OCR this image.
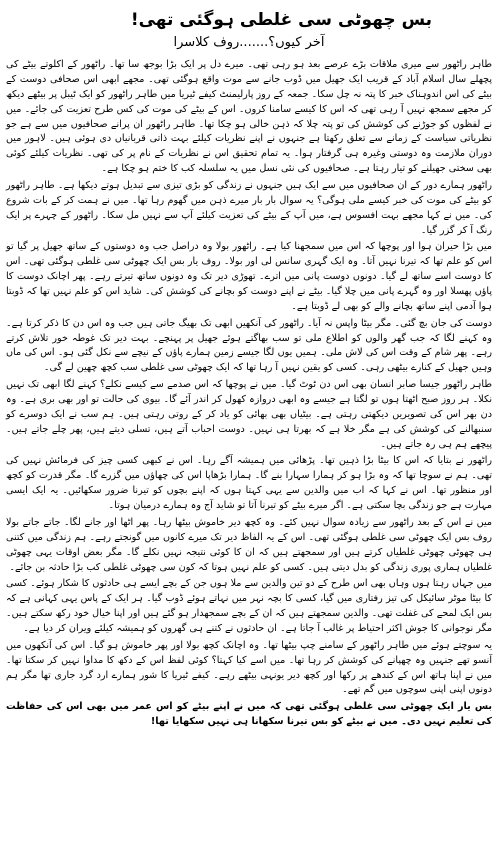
بس چھوٹی سی غلطی ہوگئی تھی!
آخر کیوں؟.......روف کلاسرا

طاہر راٹھور سے میری ملاقات بڑے عرصے بعد ہو رہی تھی۔ میرے دل پر ایک بڑا بوجھ سا تھا۔ راٹھور کے اکلوتے بیٹے کی پچھلے سال اسلام آباد کے قریب ایک جھیل میں ڈوب جانے سے موت واقع ہوگئی تھی۔ مجھے ابھی اس صحافی دوست کے بیٹے کی اس اندوہناک خبر کا پتہ نہ چل سکا۔ جمعہ کے روز پارلیمنٹ کیفے ٹیریا میں طاہر راٹھور کو ایک ٹیبل پر بیٹھے دیکھ کر مجھے سمجھ نہیں آ رہی تھی کہ اس کا کیسے سامنا کروں۔ اس کے بیٹے کی موت کی کس طرح تعزیت کی جائے۔ میں نے لفظوں کو جوڑنے کی کوشش کی تو پتہ چلا کہ ذہن خالی ہو چکا تھا۔ طاہر راٹھور ان پرانے صحافیوں میں سے ہے جو نظریاتی سیاست کے زمانے سے تعلق رکھتا ہے جنہوں نے اپنے نظریات کیلئے بہت ذاتی قربانیاں دی ہوئی ہیں۔ لاہور میں دوران ملازمت وہ دوستی وغیرہ ہی گرفتار ہوا۔ یہ تمام تحقیق اس نے نظریات کے نام پر کی تھی۔ نظریات کیلئے کوئی بھی سختی جھیلنے کو تیار رہتا ہے۔ صحافیوں کی نئی نسل میں یہ سلسلہ کب کا ختم ہو چکا ہے۔

راٹھور ہمارے دور کے ان صحافیوں میں سے ایک ہیں جنہوں نے زندگی کو بڑی تیزی سے تبدیل ہوتے دیکھا ہے۔ طاہر راٹھور کو بیٹے کی موت کی خبر کیسے ملی ہوگی؟ یہ سوال بار بار میرے ذہن میں گھوم رہا تھا۔ میں نے ہمت کر کے بات شروع کی۔ میں نے کہا مجھے بہت افسوس ہے، میں آپ کے بیٹے کی تعزیت کیلئے آپ سے نہیں مل سکا۔ راٹھور کے چہرے پر ایک رنگ آ کر گزر گیا۔

میں بڑا حیران ہوا اور پوچھا کہ اس میں سمجھنا کیا ہے۔ راٹھور بولا وہ دراصل جب وہ دوستوں کے ساتھ جھیل پر گیا تو اس کو علم تھا کہ تیرنا نہیں آتا۔ وہ ایک گہری سانس لی اور بولا۔ روف یار بس ایک چھوٹی سی غلطی ہوگئی تھی۔ اس کا دوست اسے ساتھ لے گیا۔ دونوں دوست پانی میں اترے۔ تھوڑی دیر تک وہ دونوں ساتھ تیرتے رہے۔ پھر اچانک دوست کا پاؤں پھسلا اور وہ گہرے پانی میں چلا گیا۔ بیٹے نے اپنے دوست کو بچانے کی کوشش کی۔ شاید اس کو علم نہیں تھا کہ ڈوبتا ہوا آدمی اپنے ساتھ بچانے والے کو بھی لے ڈوبتا ہے۔

دوست کی جان بچ گئی۔ مگر بیٹا واپس نہ آیا۔ راٹھور کی آنکھیں ابھی تک بھیگ جاتی ہیں جب وہ اس دن کا ذکر کرتا ہے۔ وہ کہنے لگا کہ جب گھر والوں کو اطلاع ملی تو سب بھاگتے ہوئے جھیل پر پہنچے۔ بہت دیر تک غوطہ خور تلاش کرتے رہے۔ پھر شام کے وقت اس کی لاش ملی۔ ہمیں یوں لگا جیسے زمین ہمارے پاؤں کے نیچے سے نکل گئی ہو۔ اس کی ماں وہیں جھیل کے کنارے بیٹھی رہی۔ کسی کو یقین نہیں آ رہا تھا کہ ایک چھوٹی سی غلطی سب کچھ چھین لے گی۔

طاہر راٹھور جیسا صابر انسان بھی اس دن ٹوٹ گیا۔ میں نے پوچھا کہ اس صدمے سے کیسے نکلے؟ کہنے لگا ابھی تک نہیں نکلا۔ ہر روز صبح اٹھتا ہوں تو لگتا ہے جیسے وہ ابھی دروازہ کھول کر اندر آئے گا۔ بیوی کی حالت تو اور بھی بری ہے۔ وہ دن بھر اس کی تصویریں دیکھتی رہتی ہے۔ بیٹیاں بھی بھائی کو یاد کر کے روتی رہتی ہیں۔ ہم سب نے ایک دوسرے کو سنبھالنے کی کوشش کی ہے مگر خلا ہے کہ بھرتا ہی نہیں۔ دوست احباب آتے ہیں، تسلی دیتے ہیں، پھر چلے جاتے ہیں۔ پیچھے ہم ہی رہ جاتے ہیں۔

راٹھور نے بتایا کہ اس کا بیٹا بڑا ذہین تھا۔ پڑھائی میں ہمیشہ آگے رہا۔ اس نے کبھی کسی چیز کی فرمائش نہیں کی تھی۔ ہم نے سوچا تھا کہ وہ بڑا ہو کر ہمارا سہارا بنے گا۔ ہمارا بڑھاپا اس کی چھاؤں میں گزرے گا۔ مگر قدرت کو کچھ اور منظور تھا۔ اس نے کہا کہ اب میں والدین سے یہی کہتا ہوں کہ اپنے بچوں کو تیرنا ضرور سکھائیں۔ یہ ایک ایسی مہارت ہے جو زندگی بچا سکتی ہے۔ اگر میرے بیٹے کو تیرنا آتا تو شاید آج وہ ہمارے درمیان ہوتا۔

میں نے اس کے بعد راٹھور سے زیادہ سوال نہیں کئے۔ وہ کچھ دیر خاموش بیٹھا رہا۔ پھر اٹھا اور جانے لگا۔ جاتے جاتے بولا روف بس ایک چھوٹی سی غلطی ہوگئی تھی۔ اس کے یہ الفاظ دیر تک میرے کانوں میں گونجتے رہے۔ ہم زندگی میں کتنی ہی چھوٹی چھوٹی غلطیاں کرتے ہیں اور سمجھتے ہیں کہ ان کا کوئی نتیجہ نہیں نکلے گا۔ مگر بعض اوقات یہی چھوٹی غلطیاں ہماری پوری زندگی کو بدل دیتی ہیں۔ کسی کو علم نہیں ہوتا کہ کون سی چھوٹی غلطی کب بڑا حادثہ بن جائے۔

میں جہاں رہتا ہوں وہاں بھی اس طرح کے دو تین والدین سے ملا ہوں جن کے بچے ایسے ہی حادثوں کا شکار ہوئے۔ کسی کا بیٹا موٹر سائیکل کی تیز رفتاری میں گیا، کسی کا بچہ نہر میں نہاتے ہوئے ڈوب گیا۔ ہر ایک کے پاس یہی کہانی ہے کہ بس ایک لمحے کی غفلت تھی۔ والدین سمجھتے ہیں کہ ان کے بچے سمجھدار ہو گئے ہیں اور اپنا خیال خود رکھ سکتے ہیں۔ مگر نوجوانی کا جوش اکثر احتیاط پر غالب آ جاتا ہے۔ ان حادثوں نے کتنے ہی گھروں کو ہمیشہ کیلئے ویران کر دیا ہے۔

یہ سوچتے ہوئے میں طاہر راٹھور کے سامنے چپ بیٹھا تھا۔ وہ اچانک کچھ بولا اور پھر خاموش ہو گیا۔ اس کی آنکھوں میں آنسو تھے جنہیں وہ چھپانے کی کوشش کر رہا تھا۔ میں اسے کیا کہتا؟ کوئی لفظ اس کے دکھ کا مداوا نہیں کر سکتا تھا۔ میں نے اپنا ہاتھ اس کے کندھے پر رکھا اور کچھ دیر یونہی بیٹھے رہے۔ کیفے ٹیریا کا شور ہمارے ارد گرد جاری تھا مگر ہم دونوں اپنی اپنی سوچوں میں گم تھے۔

بس یار ایک چھوٹی سی غلطی ہوگئی تھی کہ میں نے اپنے بیٹے کو اس عمر میں بھی اس کی حفاظت کی تعلیم نہیں دی۔ میں نے بیٹے کو بس تیرنا سکھانا ہی نہیں سکھایا تھا!
